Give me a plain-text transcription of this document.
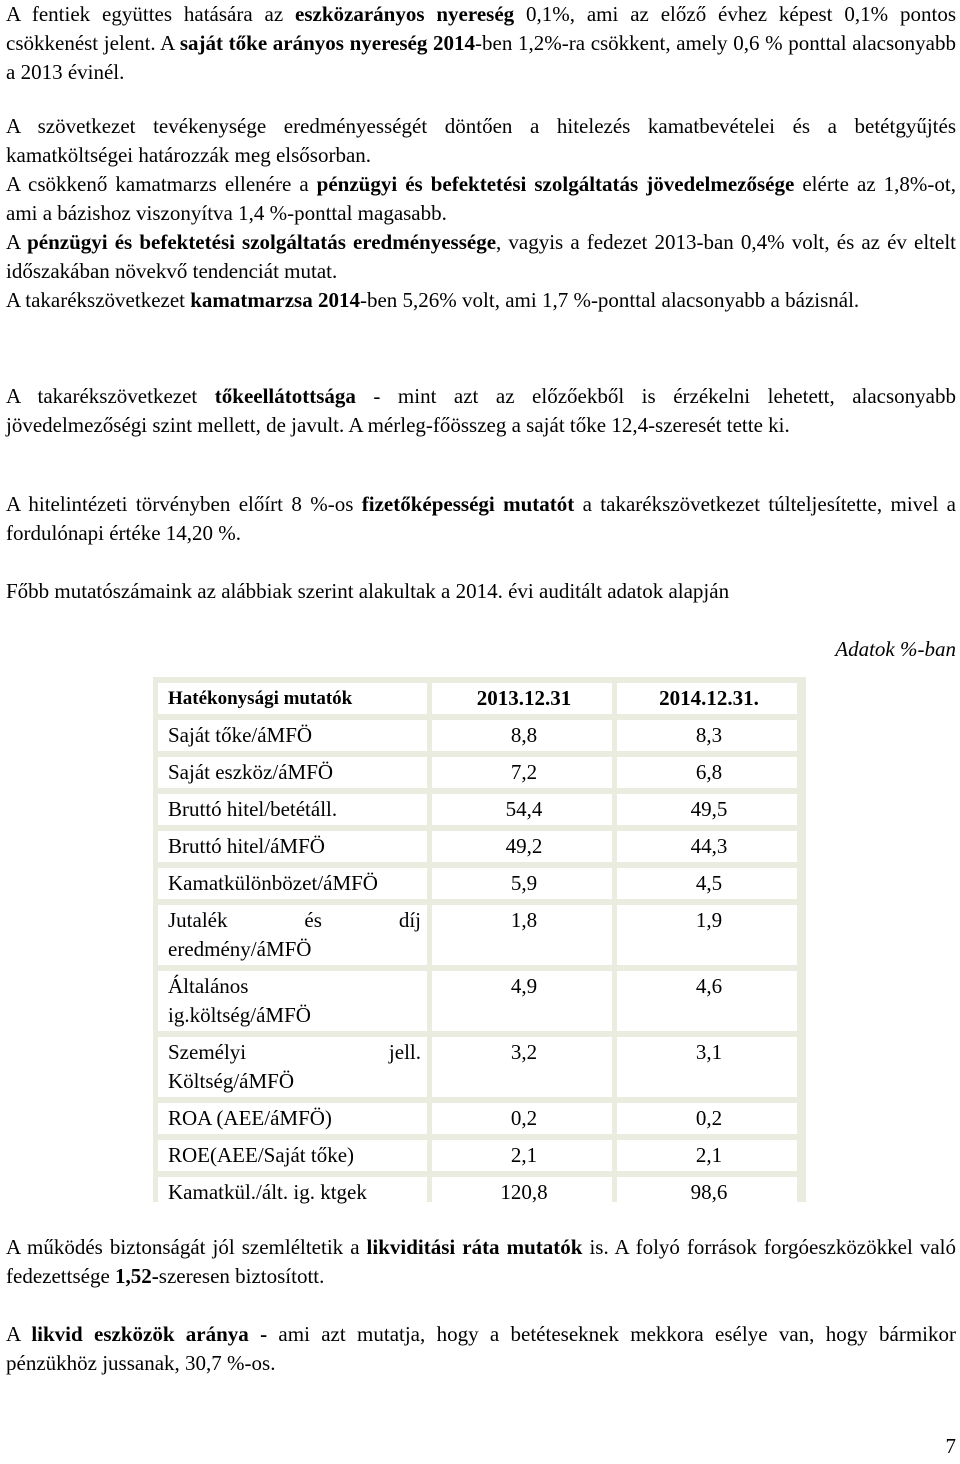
A fentiek együttes hatására az eszközarányos nyereség 0,1%, ami az előző évhez képest 0,1% pontos csökkenést jelent. A saját tőke arányos nyereség 2014-ben 1,2%-ra csökkent, amely 0,6 % ponttal alacsonyabb a 2013 évinél.

A szövetkezet tevékenysége eredményességét döntően a hitelezés kamatbevételei és a betétgyűjtés kamatköltségei határozzák meg elsősorban.

A csökkenő kamatmarzs ellenére a pénzügyi és befektetési szolgáltatás jövedelmezősége elérte az 1,8%-ot, ami a bázishoz viszonyítva 1,4 %-ponttal magasabb.

A pénzügyi és befektetési szolgáltatás eredményessége, vagyis a fedezet 2013-ban 0,4% volt, és az év eltelt időszakában növekvő tendenciát mutat.

A takarékszövetkezet kamatmarzsa 2014-ben 5,26% volt, ami 1,7 %-ponttal alacsonyabb a bázisnál.

A takarékszövetkezet tőkeellátottsága - mint azt az előzőekből is érzékelni lehetett, alacsonyabb jövedelmezőségi szint mellett, de javult. A mérleg-főösszeg a saját tőke 12,4-szeresét tette ki.

A hitelintézeti törvényben előírt 8 %-os fizetőképességi mutatót a takarékszövetkezet túlteljesítette, mivel a fordulónapi értéke 14,20 %.

Főbb mutatószámaink az alábbiak szerint alakultak a 2014. évi auditált adatok alapján

Adatok %-ban
Hatékonysági mutatók	2013.12.31	2014.12.31.
Saját tőke/áMFÖ	8,8	8,3
Saját eszköz/áMFÖ	7,2	6,8
Bruttó hitel/betétáll.	54,4	49,5
Bruttó hitel/áMFÖ	49,2	44,3
Kamatkülönbözet/áMFÖ	5,9	4,5

Jutalék és díj
eredmény/áMFÖ	1,8	1,9

Általános
ig.költség/áMFÖ	4,9	4,6

Személyi jell.
Költség/áMFÖ	3,2	3,1
ROA (AEE/áMFÖ)	0,2	0,2
ROE(AEE/Saját tőke)	2,1	2,1
Kamatkül./ált. ig. ktgek	120,8	98,6

A működés biztonságát jól szemléltetik a likviditási ráta mutatók is. A folyó források forgóeszközökkel való fedezettsége 1,52-szeresen biztosított.

A likvid eszközök aránya - ami azt mutatja, hogy a betéteseknek mekkora esélye van, hogy bármikor pénzükhöz jussanak, 30,7 %-os.

7
